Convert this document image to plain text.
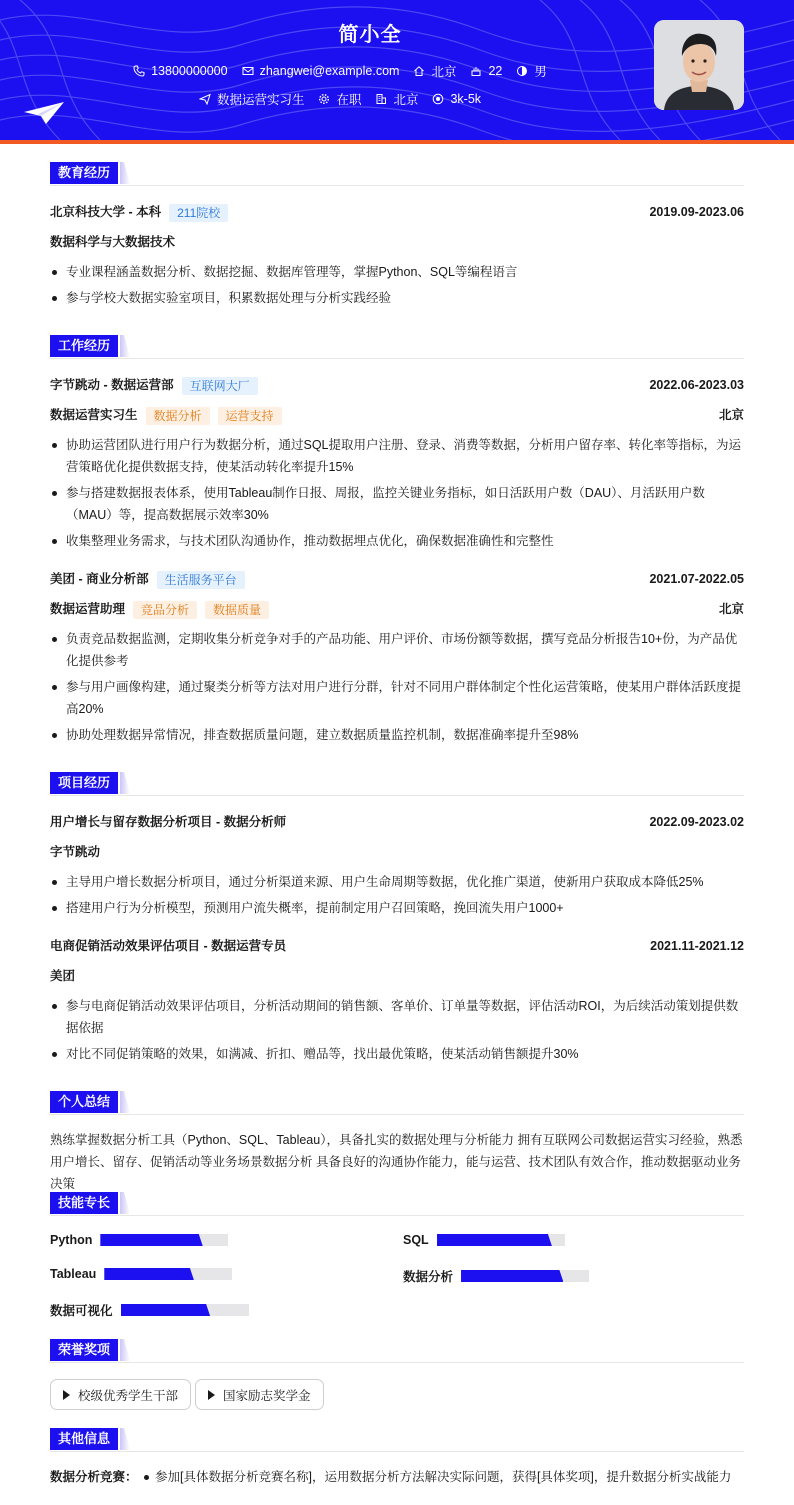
简小全
13800000000	zhangwei@example.com	北京	22	男
数据运营实习生	在职	北京	3k-5k
教育经历
北京科技大学 - 本科 211院校	2019.09-2023.06
数据科学与大数据技术
专业课程涵盖数据分析、数据挖掘、数据库管理等，掌握Python、SQL等编程语言
参与学校大数据实验室项目，积累数据处理与分析实践经验
工作经历
字节跳动 - 数据运营部 互联网大厂	2022.06-2023.03
数据运营实习生 数据分析 运营支持	北京
协助运营团队进行用户行为数据分析，通过SQL提取用户注册、登录、消费等数据，分析用户留存率、转化率等指标，为运营策略优化提供数据支持，使某活动转化率提升15%
参与搭建数据报表体系，使用Tableau制作日报、周报，监控关键业务指标，如日活跃用户数（DAU）、月活跃用户数（MAU）等，提高数据展示效率30%
收集整理业务需求，与技术团队沟通协作，推动数据埋点优化，确保数据准确性和完整性
美团 - 商业分析部 生活服务平台	2021.07-2022.05
数据运营助理 竞品分析 数据质量	北京
负责竞品数据监测，定期收集分析竞争对手的产品功能、用户评价、市场份额等数据，撰写竞品分析报告10+份，为产品优化提供参考
参与用户画像构建，通过聚类分析等方法对用户进行分群，针对不同用户群体制定个性化运营策略，使某用户群体活跃度提高20%
协助处理数据异常情况，排查数据质量问题，建立数据质量监控机制，数据准确率提升至98%
项目经历
用户增长与留存数据分析项目 - 数据分析师	2022.09-2023.02
字节跳动
主导用户增长数据分析项目，通过分析渠道来源、用户生命周期等数据，优化推广渠道，使新用户获取成本降低25%
搭建用户行为分析模型，预测用户流失概率，提前制定用户召回策略，挽回流失用户1000+
电商促销活动效果评估项目 - 数据运营专员	2021.11-2021.12
美团
参与电商促销活动效果评估项目，分析活动期间的销售额、客单价、订单量等数据，评估活动ROI，为后续活动策划提供数据依据
对比不同促销策略的效果，如满减、折扣、赠品等，找出最优策略，使某活动销售额提升30%
个人总结
熟练掌握数据分析工具（Python、SQL、Tableau），具备扎实的数据处理与分析能力 拥有互联网公司数据运营实习经验，熟悉用户增长、留存、促销活动等业务场景数据分析 具备良好的沟通协作能力，能与运营、技术团队有效合作，推动数据驱动业务决策
技能专长
Python	SQL
Tableau	数据分析
数据可视化
荣誉奖项
校级优秀学生干部	国家励志奖学金
其他信息
数据分析竞赛： 参加[具体数据分析竞赛名称]，运用数据分析方法解决实际问题，获得[具体奖项]，提升数据分析实战能力
